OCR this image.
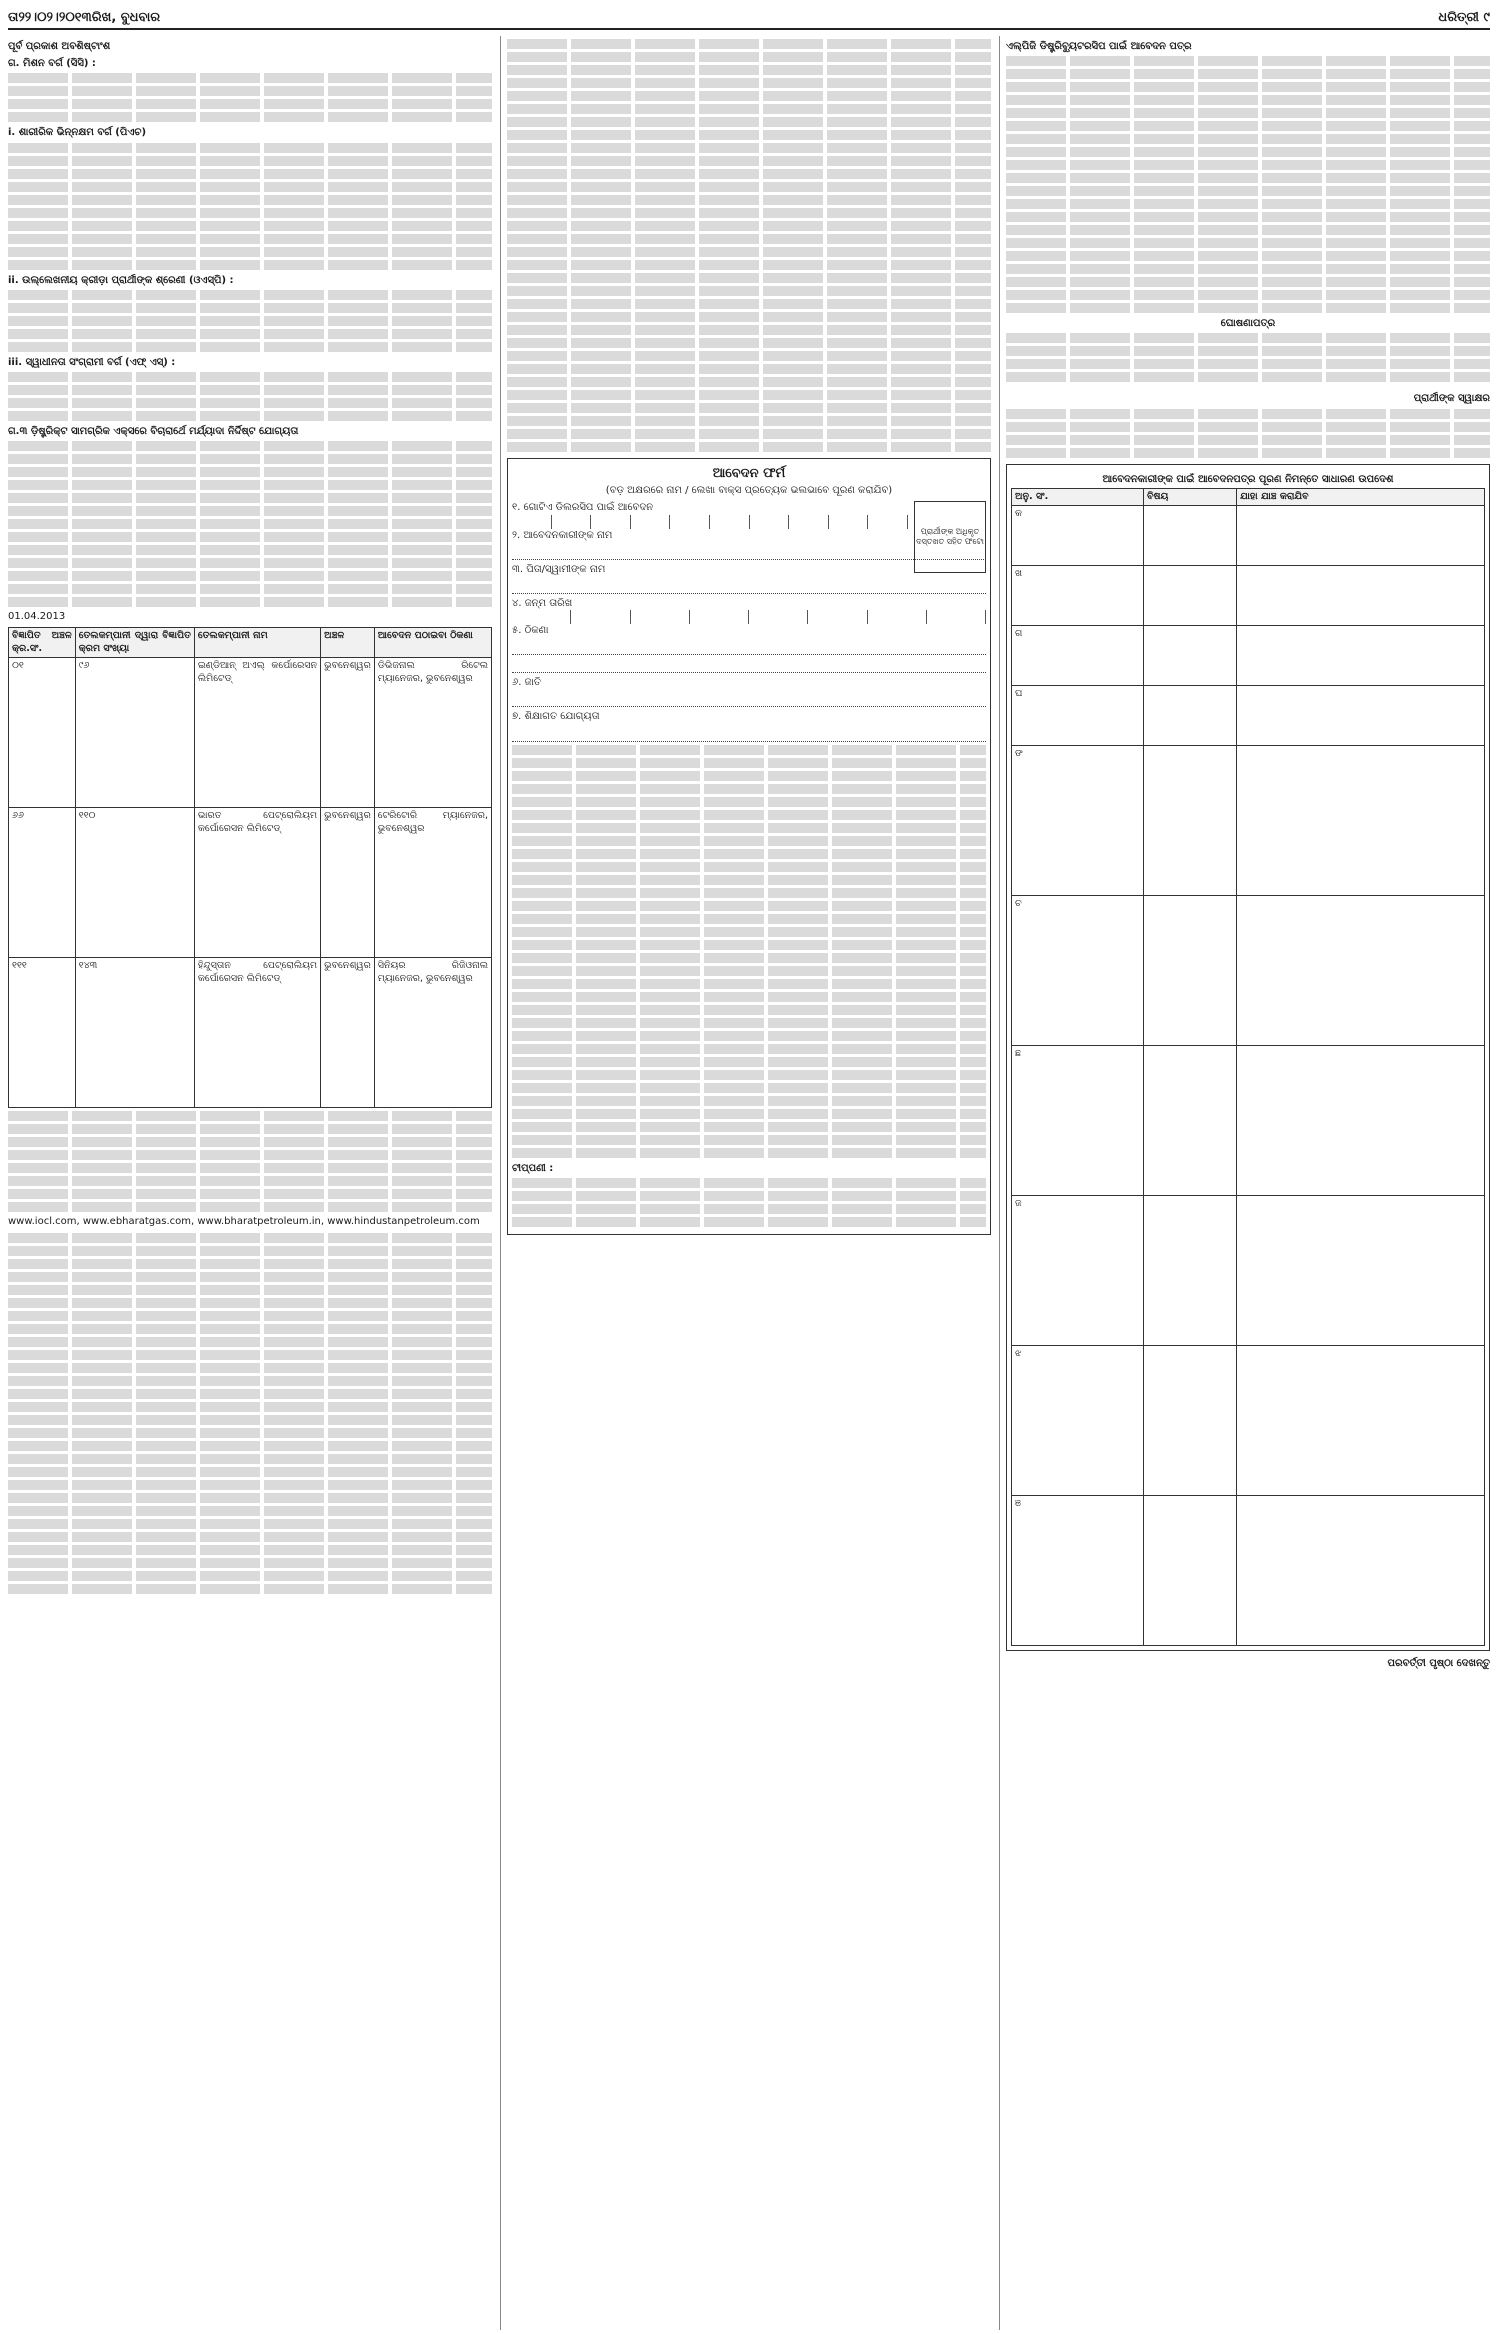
ତା୨୨।୦୨।୨୦୧୩ରିଖ, ବୁଧବାର	ଧରିତ୍ରୀ ୯
ପୂର୍ବ ପ୍ରକାଶ ଅବଶିଷ୍ଟାଂଶ
ଗ. ମିଶନ ବର୍ଗ (ସିସି) :
i. ଶାରୀରିକ ଭିନ୍ନକ୍ଷମ ବର୍ଗ (ପିଏଚ)
ii. ଉଲ୍ଲେଖନୀୟ କ୍ରୀଡ଼ା ପ୍ରାର୍ଥୀଙ୍କ ଶ୍ରେଣୀ (ଓଏସ୍‌ପି) :
iii. ସ୍ୱାଧୀନତା ସଂଗ୍ରାମୀ ବର୍ଗ (ଏଫ୍‌ ଏସ୍‌) :
ଗ.୩ ଡ଼ିଷ୍ଟ୍ରିକ୍ଟ ସାମଗ୍ରିକ ଏକ୍ସରେ ବିଚାରାର୍ଥେ ମର୍ଯ୍ୟାଦା ନିର୍ଦ୍ଦିଷ୍ଟ ଯୋଗ୍ୟତା
01.04.2013
ବିଜ୍ଞାପିତ ଅଞ୍ଚଳ କ୍ର.ସଂ.	ତେଲକମ୍ପାନୀ ଦ୍ୱାରା ବିଜ୍ଞାପିତ କ୍ରମ ସଂଖ୍ୟା	ତେଲକମ୍ପାନୀ ନାମ	ଅଞ୍ଚଳ	ଆବେଦନ ପଠାଇବା ଠିକଣା
୦୧	୯୬	ଇଣ୍ଡିଆନ୍‌ ଅଏଲ୍‌ କର୍ପୋରେସନ ଲିମିଟେଡ୍‌	ଭୁବନେଶ୍ୱର	ଡିଭିଜନାଲ ରିଟେଲ ମ୍ୟାନେଜର, ଭୁବନେଶ୍ୱର
୬୬	୧୧୦	ଭାରତ ପେଟ୍ରୋଲିୟମ କର୍ପୋରେସନ ଲିମିଟେଡ୍‌	ଭୁବନେଶ୍ୱର	ଟେରିଟୋରି ମ୍ୟାନେଜର, ଭୁବନେଶ୍ୱର
୧୧୧	୧୪୩	ହିନ୍ଦୁସ୍ତାନ ପେଟ୍ରୋଲିୟମ କର୍ପୋରେସନ ଲିମିଟେଡ୍‌	ଭୁବନେଶ୍ୱର	ସିନିୟର ରିଜିଓନାଲ ମ୍ୟାନେଜର, ଭୁବନେଶ୍ୱର
www.iocl.com, www.ebharatgas.com, www.bharatpetroleum.in, www.hindustanpetroleum.com
ଆବେଦନ ଫର୍ମ
(ବଡ଼ ଅକ୍ଷରରେ ନାମ / ଲେଖା ବାକ୍ସ ପ୍ରତ୍ୟେକ ଭଲଭାବେ ପୂରଣ କରାଯିବ)
ପ୍ରାର୍ଥୀଙ୍କ ଅଧିକୃତ ଦସ୍ତଖତ ସହିତ ଫଟୋ
୧. ଗୋଟିଏ ଡିଲରସିପ ପାଇଁ ଆବେଦନ
୨. ଆବେଦନକାରୀଙ୍କ ନାମ
୩. ପିତା/ସ୍ୱାମୀଙ୍କ ନାମ
୪. ଜନ୍ମ ତାରିଖ
୫. ଠିକଣା
୬. ଜାତି
୭. ଶିକ୍ଷାଗତ ଯୋଗ୍ୟତା
ଟୀପ୍ପଣୀ :
ଏଲ୍‌ପିଜି ଡିଷ୍ଟ୍ରିବ୍ୟୁଟରସିପ ପାଇଁ ଆବେଦନ ପତ୍ର
ଘୋଷଣାପତ୍ର
ପ୍ରାର୍ଥୀଙ୍କ ସ୍ୱାକ୍ଷର
ଆବେଦନକାରୀଙ୍କ ପାଇଁ ଆବେଦନପତ୍ର ପୂରଣ ନିମନ୍ତେ ସାଧାରଣ ଉପଦେଶ
ଅନୁ. ସଂ.	ବିଷୟ	ଯାହା ଯାଞ୍ଚ କରାଯିବ
କ		
ଖ		
ଗ		
ଘ		
ଙ		
ଚ		
ଛ		
ଜ		
ଝ		
ଞ		
ପରବର୍ତ୍ତୀ ପୃଷ୍ଠା ଦେଖନ୍ତୁ
